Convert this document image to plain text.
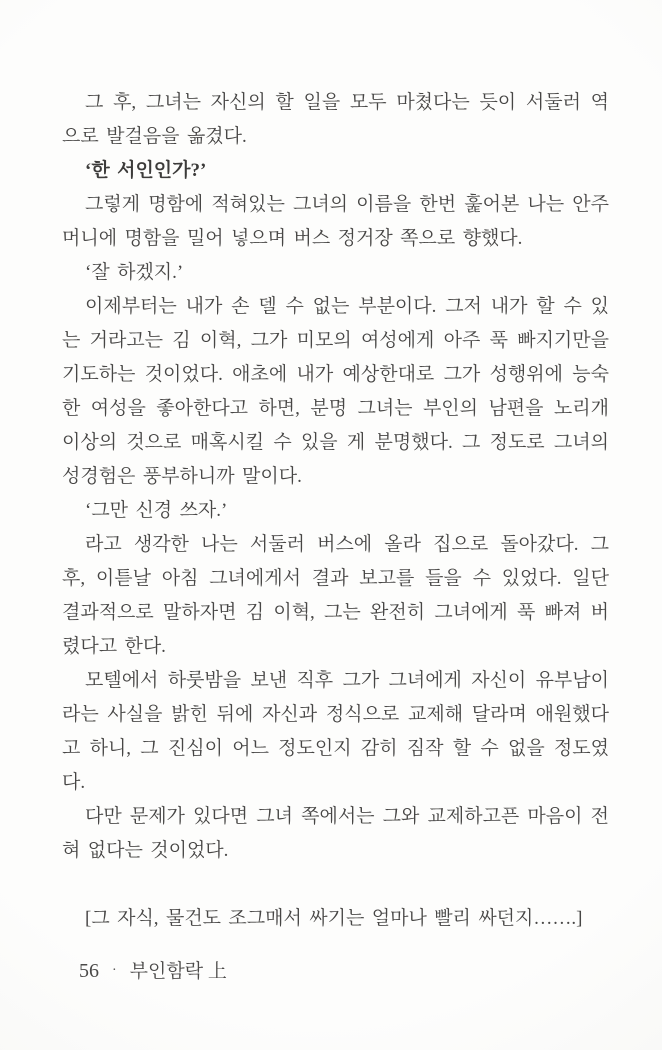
그 후, 그녀는 자신의 할 일을 모두 마쳤다는 듯이 서둘러 역
으로 발걸음을 옮겼다.
‘한 서인인가?’
그렇게 명함에 적혀있는 그녀의 이름을 한번 훑어본 나는 안주
머니에 명함을 밀어 넣으며 버스 정거장 쪽으로 향했다.
‘잘 하겠지.’
이제부터는 내가 손 델 수 없는 부분이다. 그저 내가 할 수 있
는 거라고는 김 이혁, 그가 미모의 여성에게 아주 푹 빠지기만을
기도하는 것이었다. 애초에 내가 예상한대로 그가 성행위에 능숙
한 여성을 좋아한다고 하면, 분명 그녀는 부인의 남편을 노리개
이상의 것으로 매혹시킬 수 있을 게 분명했다. 그 정도로 그녀의
성경험은 풍부하니까 말이다.
‘그만 신경 쓰자.’
라고 생각한 나는 서둘러 버스에 올라 집으로 돌아갔다. 그
후, 이튿날 아침 그녀에게서 결과 보고를 들을 수 있었다. 일단
결과적으로 말하자면 김 이혁, 그는 완전히 그녀에게 푹 빠져 버
렸다고 한다.
모텔에서 하룻밤을 보낸 직후 그가 그녀에게 자신이 유부남이
라는 사실을 밝힌 뒤에 자신과 정식으로 교제해 달라며 애원했다
고 하니, 그 진심이 어느 정도인지 감히 짐작 할 수 없을 정도였
다.
다만 문제가 있다면 그녀 쪽에서는 그와 교제하고픈 마음이 전
혀 없다는 것이었다.
[그 자식, 물건도 조그매서 싸기는 얼마나 빨리 싸던지…….]
56 · 부인함락 上
